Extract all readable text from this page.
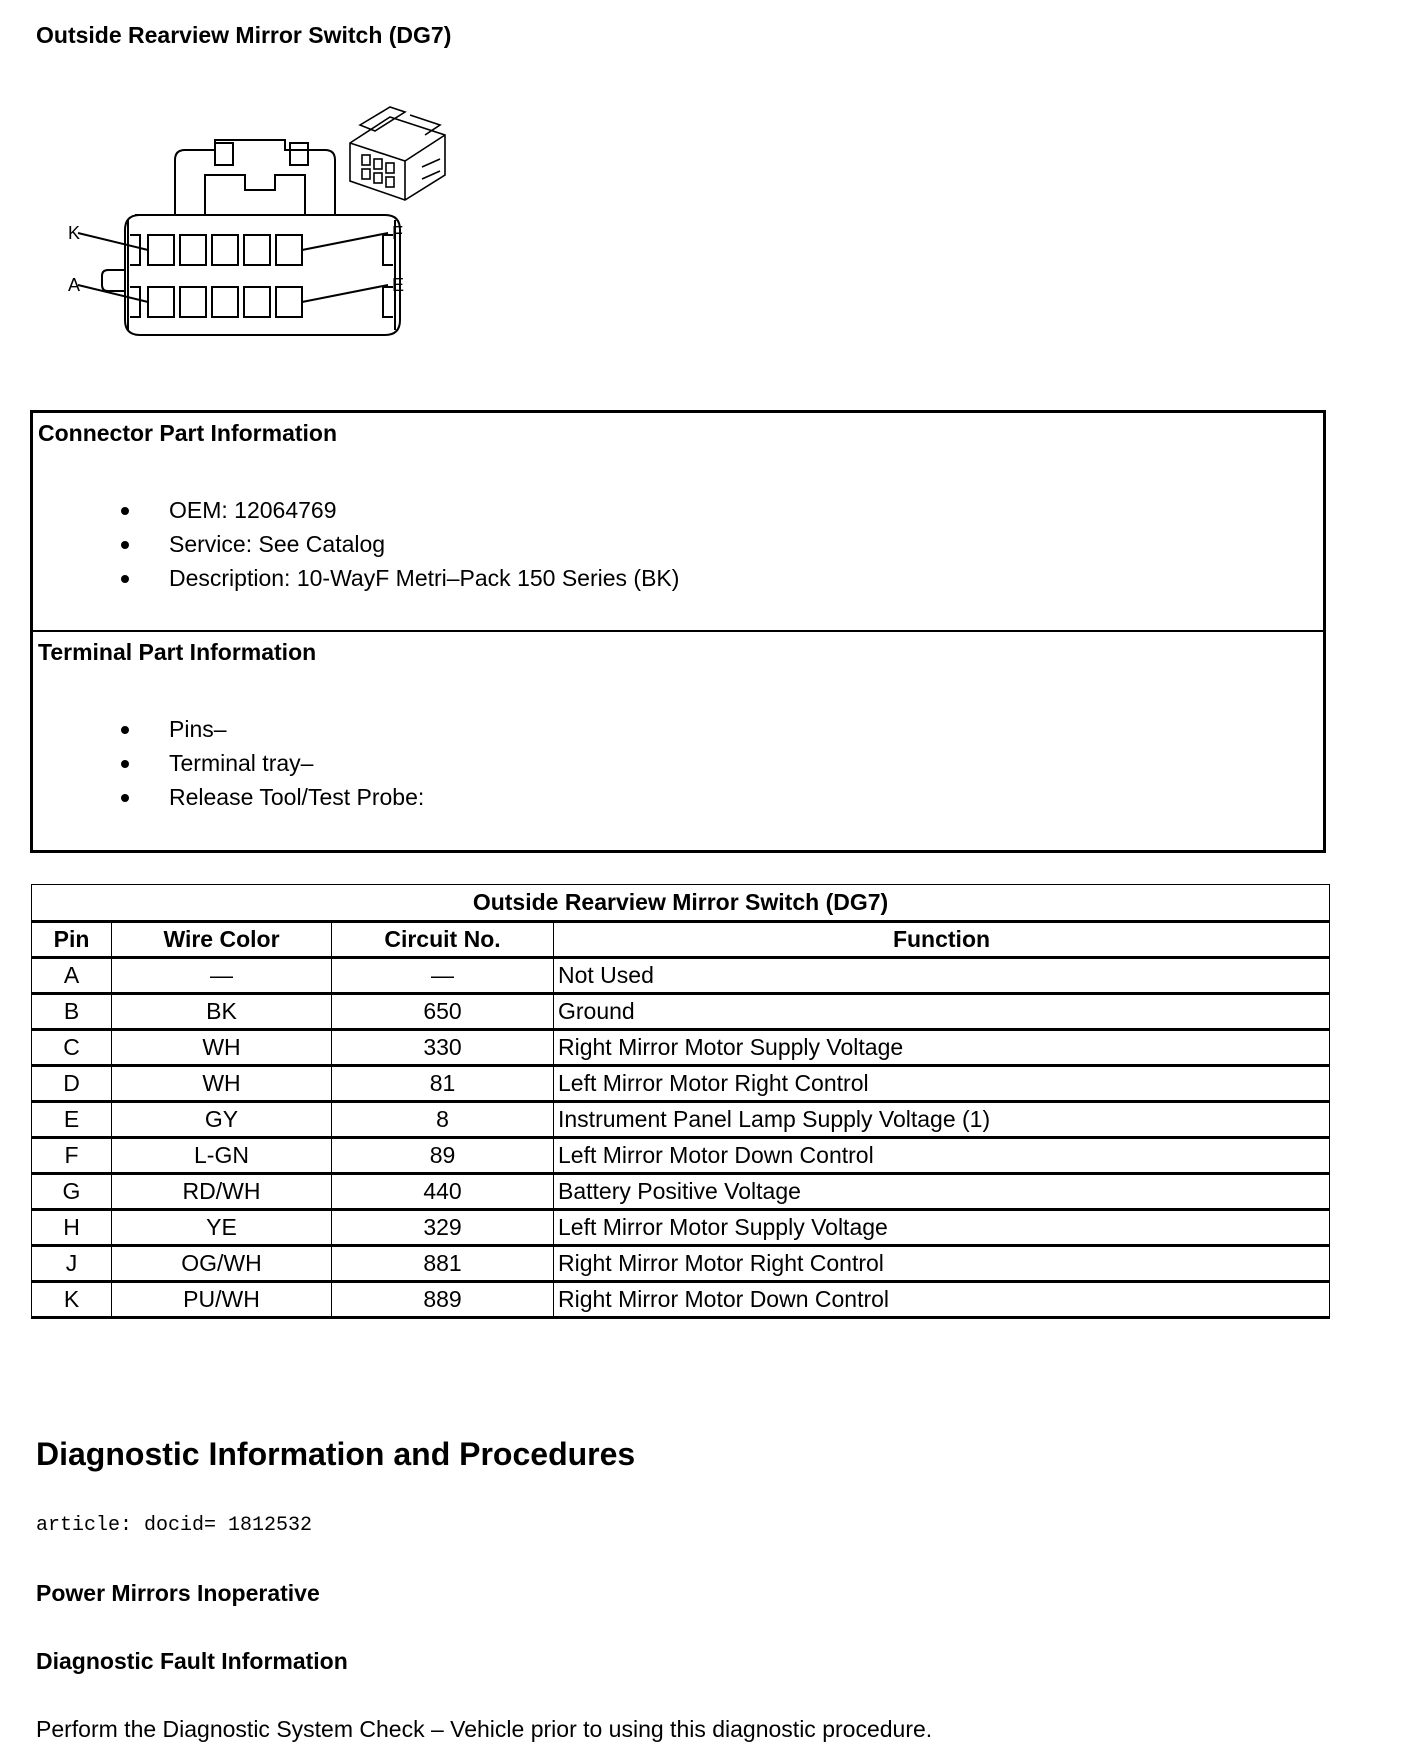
Outside Rearview Mirror Switch (DG7)
K
A
F
E
Connector Part Information
OEM: 12064769
Service: See Catalog
Description: 10-WayF Metri–Pack 150 Series (BK)
Terminal Part Information
Pins–
Terminal tray–
Release Tool/Test Probe:
Outside Rearview Mirror Switch (DG7)			
Pin	Wire Color	Circuit No.	Function
A	—	—	Not Used
B	BK	650	Ground
C	WH	330	Right Mirror Motor Supply Voltage
D	WH	81	Left Mirror Motor Right Control
E	GY	8	Instrument Panel Lamp Supply Voltage (1)
F	L-GN	89	Left Mirror Motor Down Control
G	RD/WH	440	Battery Positive Voltage
H	YE	329	Left Mirror Motor Supply Voltage
J	OG/WH	881	Right Mirror Motor Right Control
K	PU/WH	889	Right Mirror Motor Down Control
Diagnostic Information and Procedures
article: docid= 1812532
Power Mirrors Inoperative
Diagnostic Fault Information
Perform the Diagnostic System Check – Vehicle prior to using this diagnostic procedure.
